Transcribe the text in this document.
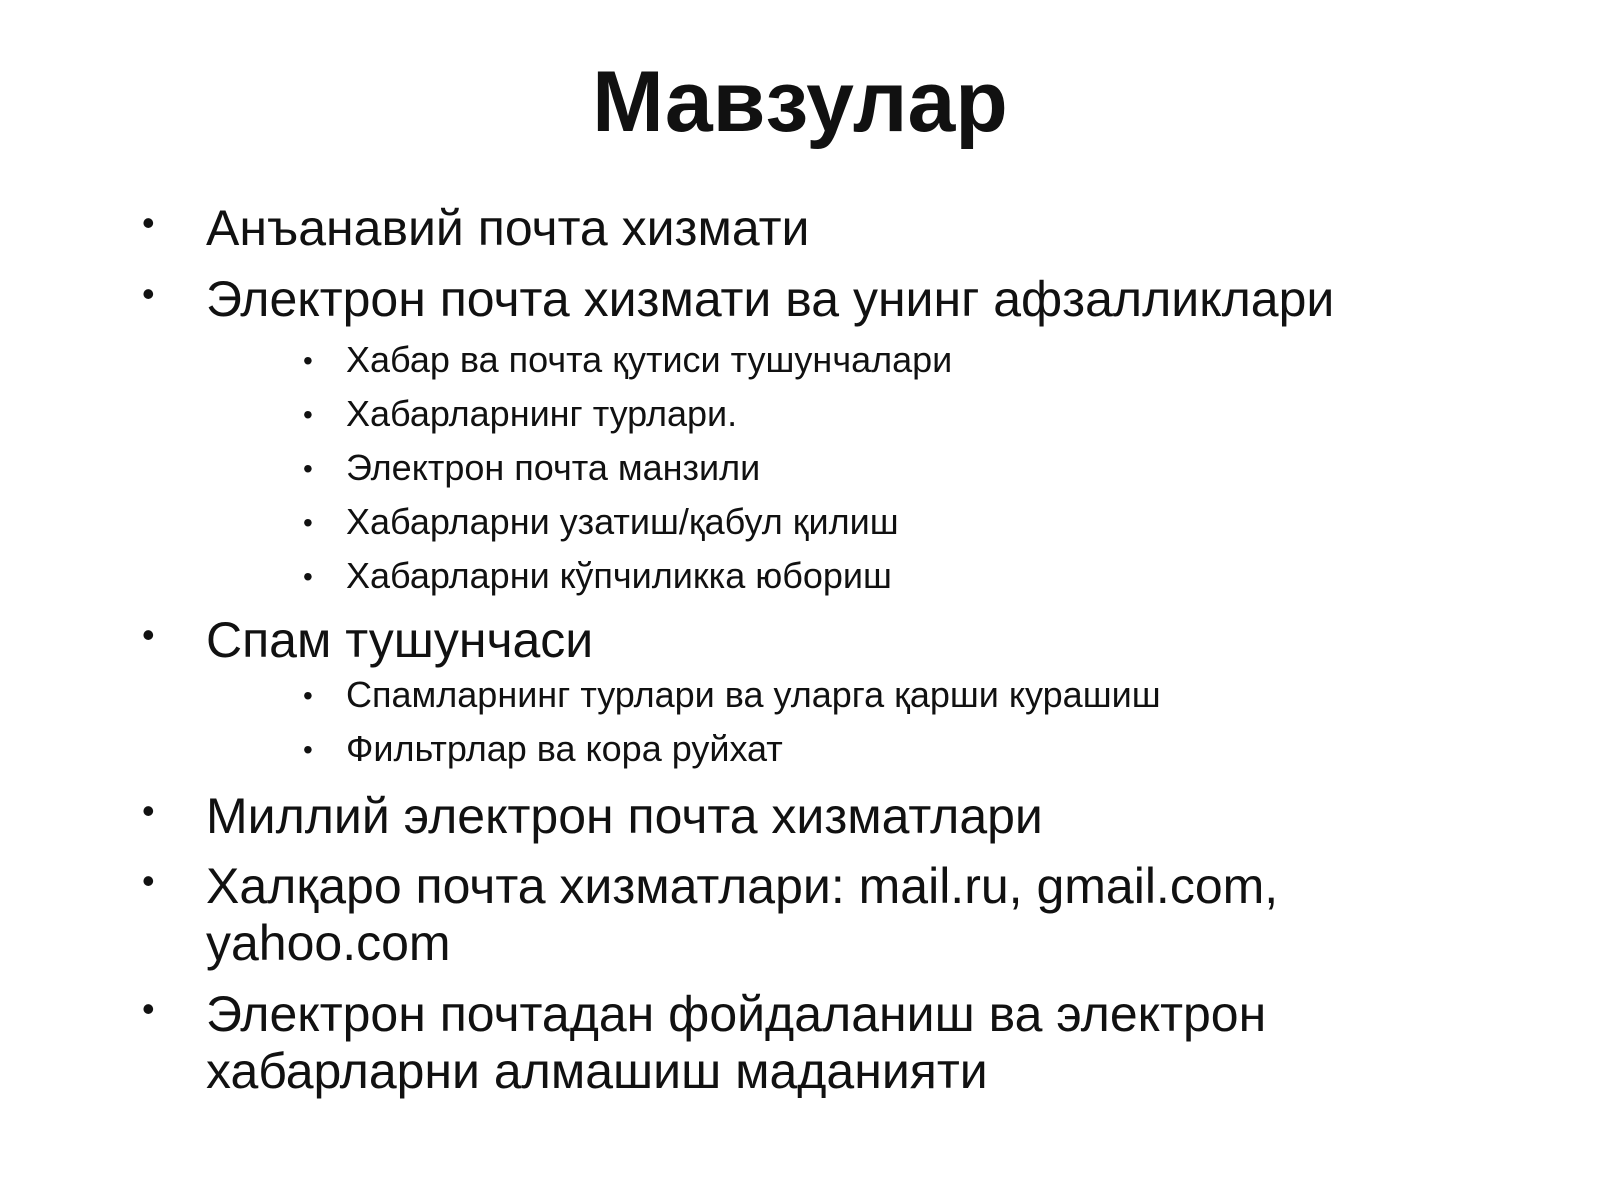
Мавзулар
• Анъанавий почта хизмати
• Электрон почта хизмати ва унинг афзалликлари
• Хабар ва почта қутиси тушунчалари
• Хабарларнинг турлари.
• Электрон почта манзили
• Хабарларни узатиш/қабул қилиш
• Хабарларни кўпчиликка юбориш
• Спам тушунчаси
• Спамларнинг турлари ва уларга қарши курашиш
• Фильтрлар ва кора руйхат
• Миллий электрон почта хизматлари
• Халқаро почта хизматлари: mail.ru, gmail.com,
yahoo.com
• Электрон почтадан фойдаланиш ва электрон
хабарларни алмашиш маданияти
